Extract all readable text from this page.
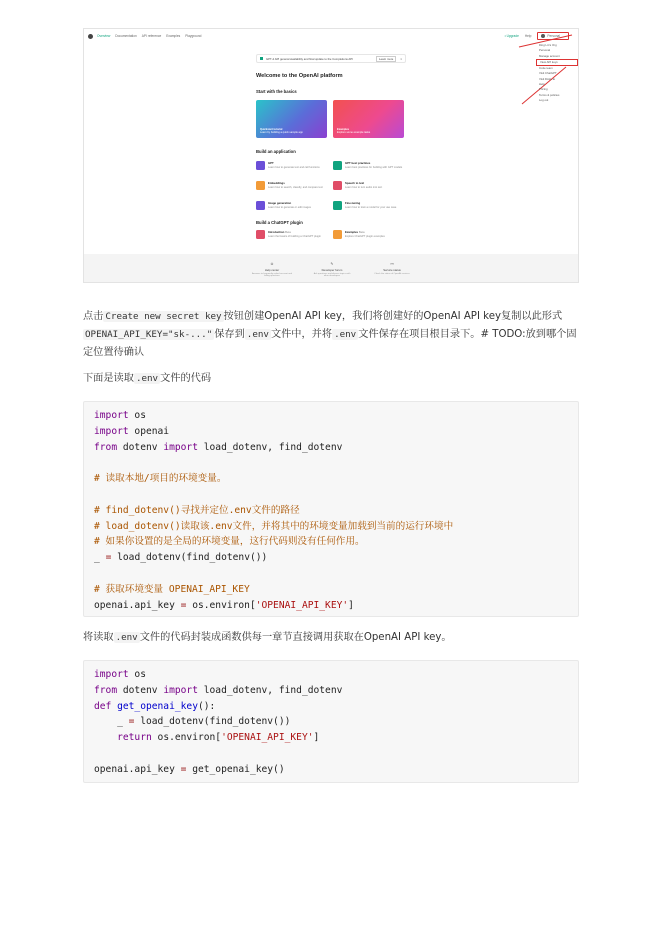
Overview Documentation API reference Examples Playground	• Upgrade Help	Personal
Ding Lin's Org
Personal
Manage account
View API keys
Invite team
Visit ChatGPT
Visit DALL·E
Help
Pricing
Terms & policies
Log out
GPT-4 API general availability and final update to the Completions API	Learn more	×
Welcome to the OpenAI platform
Start with the basics
Quickstart tutorial
Learn by building a quick sample app
Examples
Explore some example tasks
Build an application
GPT
Learn how to generate text and call functions
GPT best practices
Learn best practices for building with GPT models
Embeddings
Learn how to search, classify, and compare text
Speech to text
Learn how to turn audio into text
Image generation
Learn how to generate or edit images
Fine-tuning
Learn how to train a model for your use case
Build a ChatGPT plugin
Introduction Beta
Learn the basics of building a ChatGPT plugin
Examples Beta
Explore ChatGPT plugin examples
⊙
Help center
Answers to frequently asked account and billing questions
✎
Developer forum
Ask questions and discuss topics with other developers
⊶
Service status
Check the status of OpenAI services

点击 Create new secret key 按钮创建OpenAI API key，我们将创建好的OpenAI API key复制以此形式OPENAI_API_KEY="sk-..." 保存到 .env 文件中，并将 .env 文件保存在项目根目录下。# TODO:放到哪个固定位置待确认

下面是读取 .env 文件的代码

import os
import openai
from dotenv import load_dotenv, find_dotenv

# 读取本地/项目的环境变量。

# find_dotenv()寻找并定位.env文件的路径
# load_dotenv()读取该.env文件，并将其中的环境变量加载到当前的运行环境中
# 如果你设置的是全局的环境变量，这行代码则没有任何作用。
_ = load_dotenv(find_dotenv())

# 获取环境变量 OPENAI_API_KEY
openai.api_key = os.environ['OPENAI_API_KEY']

将读取 .env 文件的代码封装成函数供每一章节直接调用获取在OpenAI API key。

import os
from dotenv import load_dotenv, find_dotenv
def get_openai_key():
_ = load_dotenv(find_dotenv())
return os.environ['OPENAI_API_KEY']

openai.api_key = get_openai_key()
